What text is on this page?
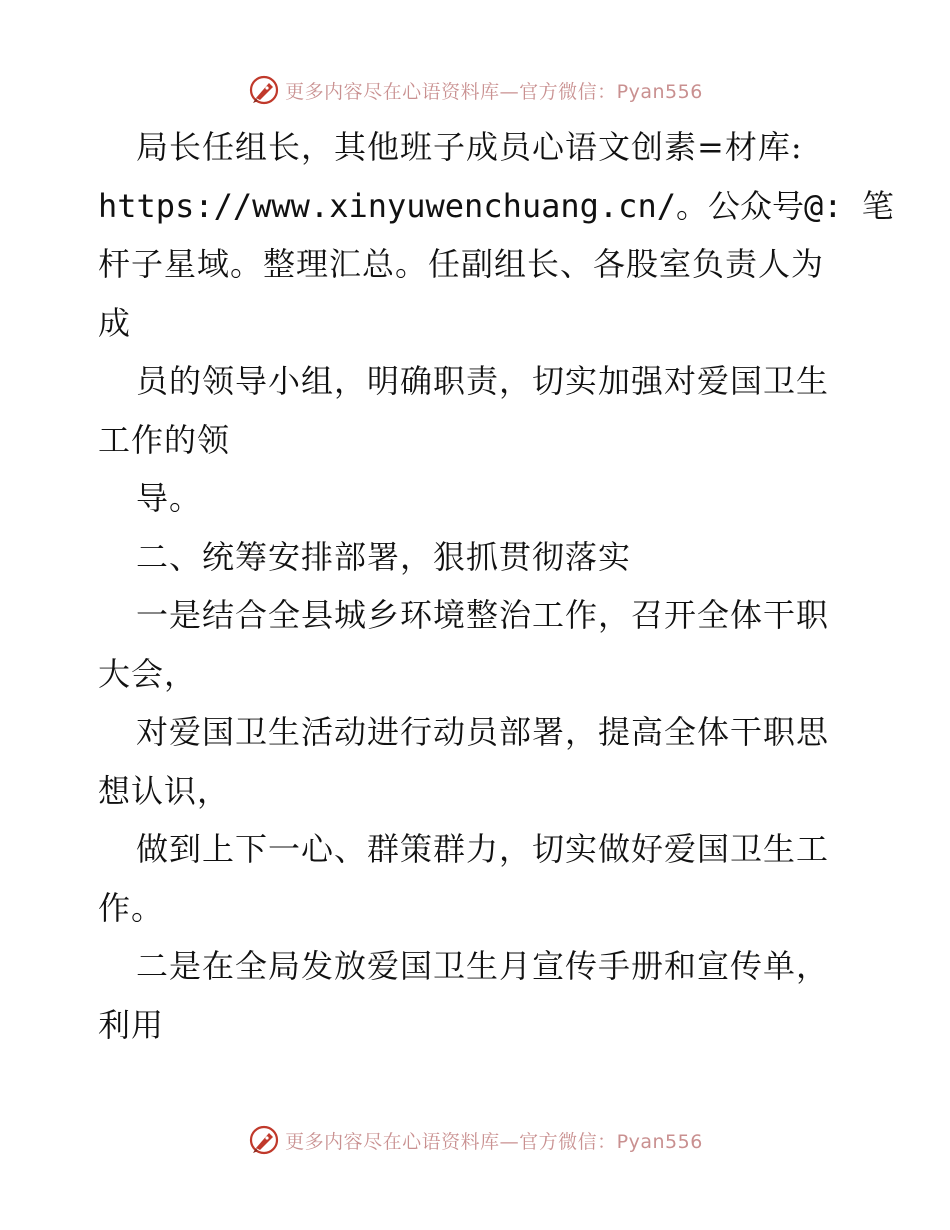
更多内容尽在心语资料库—官方微信：Pyan556
局长任组长，其他班子成员心语文创素=材库:
https://www.xinyuwenchuang.cn/。公众号@: 笔
杆子星域。整理汇总。任副组长、各股室负责人为
成
员的领导小组，明确职责，切实加强对爱国卫生
工作的领
导。
二、统筹安排部署，狠抓贯彻落实
一是结合全县城乡环境整治工作，召开全体干职
大会，
对爱国卫生活动进行动员部署，提高全体干职思
想认识，
做到上下一心、群策群力，切实做好爱国卫生工
作。
二是在全局发放爱国卫生月宣传手册和宣传单，
利用
更多内容尽在心语资料库—官方微信：Pyan556
